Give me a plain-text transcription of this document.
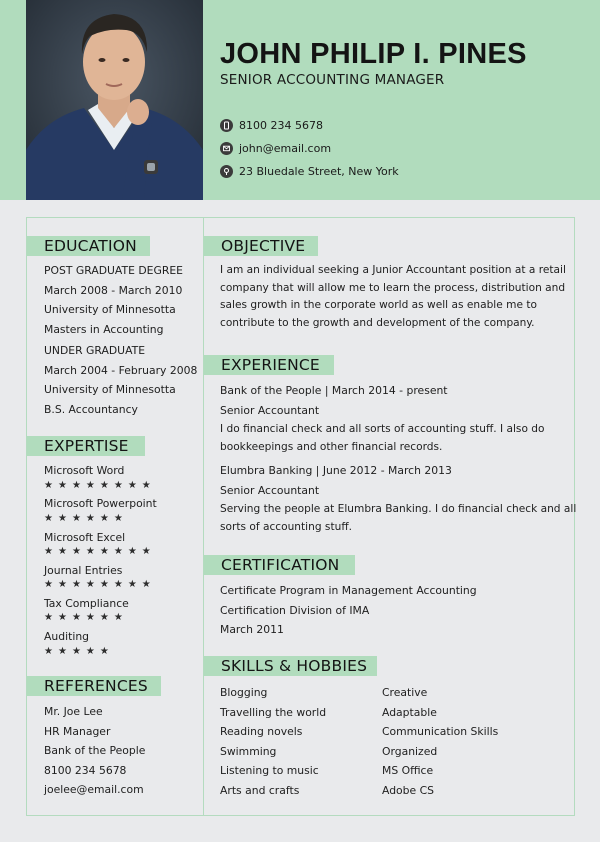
JOHN PHILIP I. PINES
SENIOR ACCOUNTING MANAGER
8100 234 5678
john@email.com
23 Bluedale Street, New York
EDUCATION
POST GRADUATE DEGREE
March 2008 - March 2010
University of Minnesotta
Masters in Accounting
UNDER GRADUATE
March 2004 - February 2008
University of Minnesotta
B.S. Accountancy
EXPERTISE
Microsoft Word
★★★★★★★★
Microsoft Powerpoint
★★★★★★
Microsoft Excel
★★★★★★★★
Journal Entries
★★★★★★★★
Tax Compliance
★★★★★★
Auditing
★★★★★
REFERENCES
Mr. Joe Lee
HR Manager
Bank of the People
8100 234 5678
joelee@email.com
OBJECTIVE
I am an individual seeking a Junior Accountant position at a retail
company that will allow me to learn the process, distribution and
sales growth in the corporate world as well as enable me to
contribute to the growth and development of the company.
EXPERIENCE
Bank of the People | March 2014 - present
Senior Accountant
I do financial check and all sorts of accounting stuff. I also do
bookkeepings and other financial records.
Elumbra Banking | June 2012 - March 2013
Senior Accountant
Serving the people at Elumbra Banking. I do financial check and all
sorts of accounting stuff.
CERTIFICATION
Certificate Program in Management Accounting
Certification Division of IMA
March 2011
SKILLS & HOBBIES
Blogging
Travelling the world
Reading novels
Swimming
Listening to music
Arts and crafts
Creative
Adaptable
Communication Skills
Organized
MS Office
Adobe CS
